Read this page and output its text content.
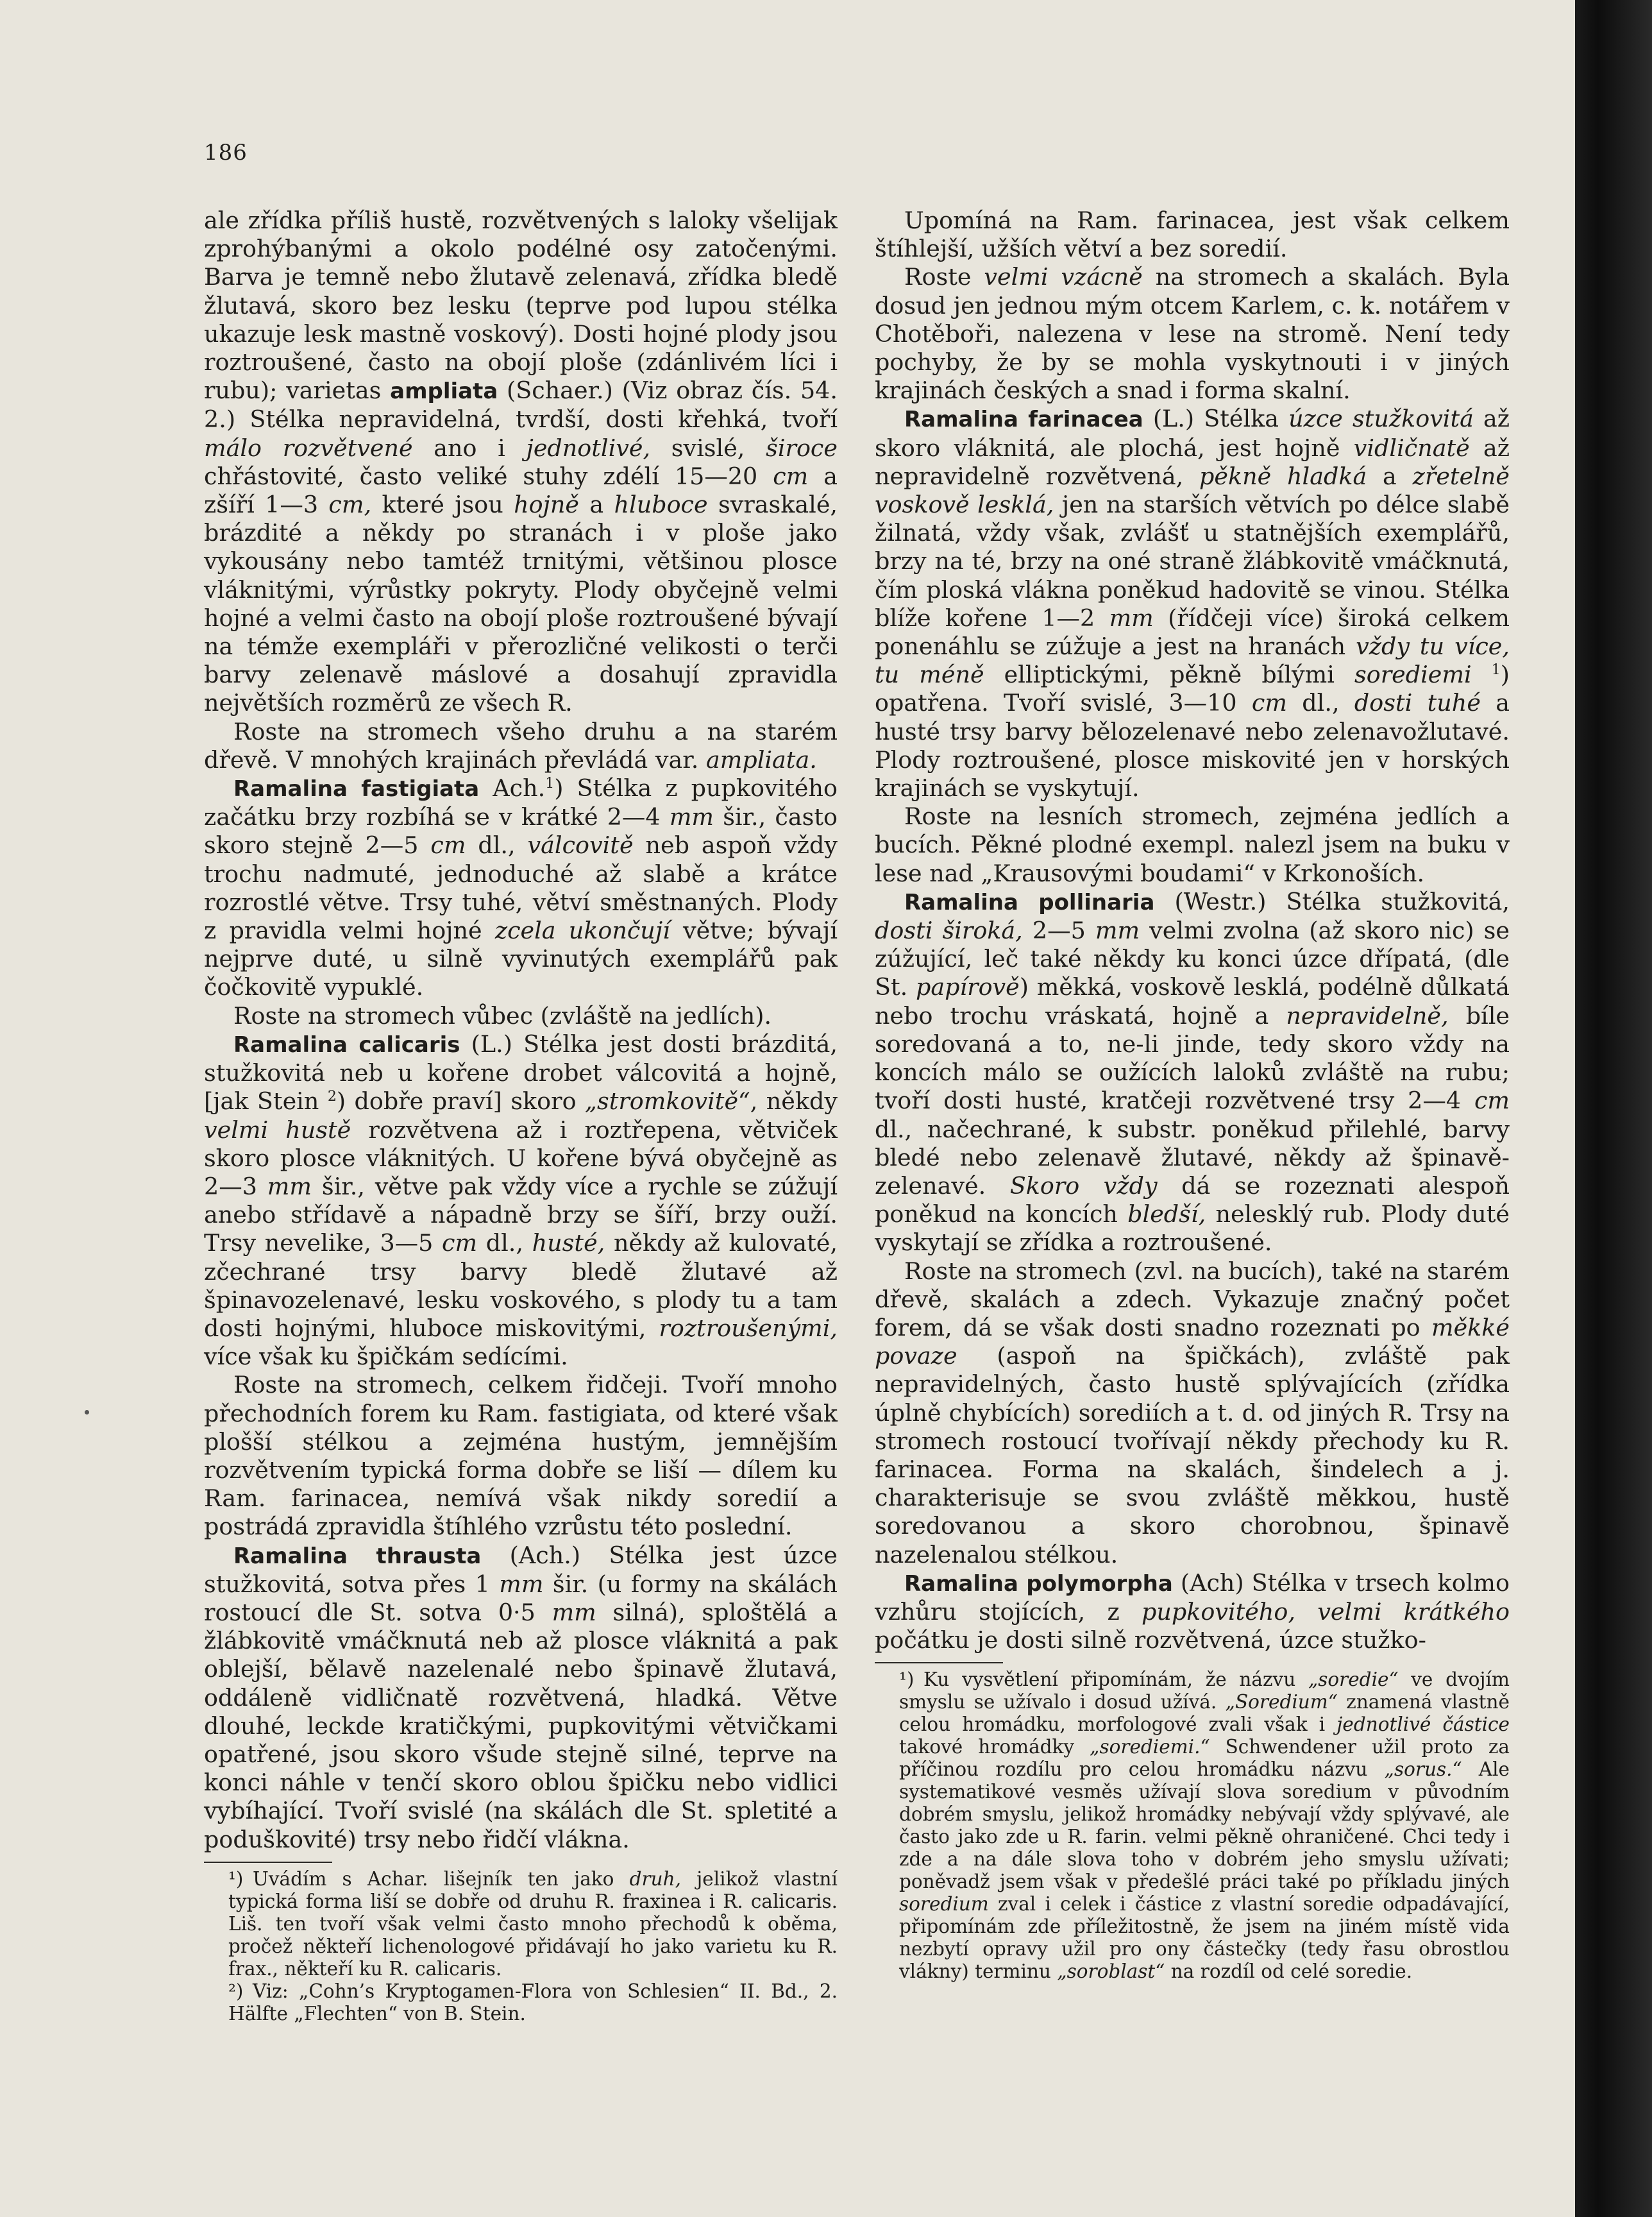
186

ale zřídka příliš hustě, rozvětvených s laloky všelijak zprohýbanými a okolo podélné osy zatočenými. Barva je temně nebo žlutavě zelenavá, zřídka bledě žlutavá, skoro bez lesku (teprve pod lupou stélka ukazuje lesk mastně voskový). Dosti hojné plody jsou roztroušené, často na obojí ploše (zdánlivém líci i rubu); varietas ampliata (Schaer.) (Viz obraz čís. 54. 2.) Stélka nepravidelná, tvrdší, dosti křehká, tvoří málo rozvětvené ano i jednotlivé, svislé, široce chřástovité, často veliké stuhy zdélí 15—20 cm a zšíří 1—3 cm, které jsou hojně a hluboce svraskalé, brázdité a někdy po stranách i v ploše jako vykousány nebo tamtéž trnitými, většinou plosce vláknitými, výrůstky pokryty. Plody obyčejně velmi hojné a velmi často na obojí ploše roztroušené bývají na témže exempláři v přerozličné velikosti o terči barvy zelenavě máslové a dosahují zpravidla největších rozměrů ze všech R.

Roste na stromech všeho druhu a na starém dřevě. V mnohých krajinách převládá var. ampliata.

Ramalina fastigiata Ach.$^1$) Stélka z pupkovitého začátku brzy rozbíhá se v krátké 2—4 mm šir., často skoro stejně 2—5 cm dl., válcovitě neb aspoň vždy trochu nadmuté, jednoduché až slabě a krátce rozrostlé větve. Trsy tuhé, větví směstnaných. Plody z pravidla velmi hojné zcela ukončují větve; bývají nejprve duté, u silně vyvinutých exemplářů pak čočkovitě vypuklé.

Roste na stromech vůbec (zvláště na jedlích).

Ramalina calicaris (L.) Stélka jest dosti brázditá, stužkovitá neb u kořene drobet válcovitá a hojně, [jak Stein $^2$) dobře praví] skoro „stromkovitě“, někdy velmi hustě rozvětvena až i roztřepena, větviček skoro plosce vláknitých. U kořene bývá obyčejně as 2—3 mm šir., větve pak vždy více a rychle se zúžují anebo střídavě a nápadně brzy se šíří, brzy ouží. Trsy nevelike, 3—5 cm dl., husté, někdy až kulovaté, zčechrané trsy barvy bledě žlutavé až špinavozelenavé, lesku voskového, s plody tu a tam dosti hojnými, hluboce miskovitými, roztroušenými, více však ku špičkám sedícími.

Roste na stromech, celkem řidčeji. Tvoří mnoho přechodních forem ku Ram. fastigiata, od které však plošší stélkou a zejména hustým, jemnějším rozvětvením typická forma dobře se liší — dílem ku Ram. farinacea, nemívá však nikdy soredií a postrádá zpravidla štíhlého vzrůstu této poslední.

Ramalina thrausta (Ach.) Stélka jest úzce stužkovitá, sotva přes 1 mm šir. (u formy na skálách rostoucí dle St. sotva 0·5 mm silná), sploštělá a žlábkovitě vmáčknutá neb až plosce vláknitá a pak oblejší, bělavě nazelenalé nebo špinavě žlutavá, oddáleně vidličnatě rozvětvená, hladká. Větve dlouhé, leckde kratičkými, pupkovitými větvičkami opatřené, jsou skoro všude stejně silné, teprve na konci náhle v tenčí skoro oblou špičku nebo vidlici vybíhající. Tvoří svislé (na skálách dle St. spletité a poduškovité) trsy nebo řidčí vlákna.

¹) Uvádím s Achar. lišejník ten jako druh, jelikož vlastní typická forma liší se dobře od druhu R. fraxinea i R. calicaris. Liš. ten tvoří však velmi často mnoho přechodů k oběma, pročež někteří lichenologové přidávají ho jako varietu ku R. frax., někteří ku R. calicaris.

²) Viz: „Cohn’s Kryptogamen-Flora von Schlesien“ II. Bd., 2. Hälfte „Flechten“ von B. Stein.

Upomíná na Ram. farinacea, jest však celkem štíhlejší, užších větví a bez soredií.

Roste velmi vzácně na stromech a skalách. Byla dosud jen jednou mým otcem Karlem, c. k. notářem v Chotěboři, nalezena v lese na stromě. Není tedy pochyby, že by se mohla vyskytnouti i v jiných krajinách českých a snad i forma skalní.

Ramalina farinacea (L.) Stélka úzce stužkovitá až skoro vláknitá, ale plochá, jest hojně vidličnatě až nepravidelně rozvětvená, pěkně hladká a zřetelně voskově lesklá, jen na starších větvích po délce slabě žilnatá, vždy však, zvlášť u statnějších exemplářů, brzy na té, brzy na oné straně žlábkovitě vmáčknutá, čím ploská vlákna poněkud hadovitě se vinou. Stélka blíže kořene 1—2 mm (řídčeji více) široká celkem ponenáhlu se zúžuje a jest na hranách vždy tu více, tu méně elliptickými, pěkně bílými sorediemi $^1$) opatřena. Tvoří svislé, 3—10 cm dl., dosti tuhé a husté trsy barvy bělozelenavé nebo zelenavožlutavé. Plody roztroušené, plosce miskovité jen v horských krajinách se vyskytují.

Roste na lesních stromech, zejména jedlích a bucích. Pěkné plodné exempl. nalezl jsem na buku v lese nad „Krausovými boudami“ v Krkonoších.

Ramalina pollinaria (Westr.) Stélka stužkovitá, dosti široká, 2—5 mm velmi zvolna (až skoro nic) se zúžující, leč také někdy ku konci úzce dřípatá, (dle St. papírově) měkká, voskově lesklá, podélně důlkatá nebo trochu vráskatá, hojně a nepravidelně, bíle soredovaná a to, ne-li jinde, tedy skoro vždy na koncích málo se oužících laloků zvláště na rubu; tvoří dosti husté, kratčeji rozvětvené trsy 2—4 cm dl., načechrané, k substr. poněkud přilehlé, barvy bledé nebo zelenavě žlutavé, někdy až špinavě-zelenavé. Skoro vždy dá se rozeznati alespoň poněkud na koncích bledší, nelesklý rub. Plody duté vyskytají se zřídka a roztroušené.

Roste na stromech (zvl. na bucích), také na starém dřevě, skalách a zdech. Vykazuje značný počet forem, dá se však dosti snadno rozeznati po měkké povaze (aspoň na špičkách), zvláště pak nepravidelných, často hustě splývajících (zřídka úplně chybících) sorediích a t. d. od jiných R. Trsy na stromech rostoucí tvořívají někdy přechody ku R. farinacea. Forma na skalách, šindelech a j. charakterisuje se svou zvláště měkkou, hustě soredovanou a skoro chorobnou, špinavě nazelenalou stélkou.

Ramalina polymorpha (Ach) Stélka v trsech kolmo vzhůru stojících, z pupkovitého, velmi krátkého počátku je dosti silně rozvětvená, úzce stužko-

¹) Ku vysvětlení připomínám, že názvu „soredie“ ve dvojím smyslu se užívalo i dosud užívá. „Soredium“ znamená vlastně celou hromádku, morfologové zvali však i jednotlivé částice takové hromádky „sorediemi.“ Schwendener užil proto za příčinou rozdílu pro celou hromádku názvu „sorus.“ Ale systematikové vesměs užívají slova soredium v původním dobrém smyslu, jelikož hromádky nebývají vždy splývavé, ale často jako zde u R. farin. velmi pěkně ohraničené. Chci tedy i zde a na dále slova toho v dobrém jeho smyslu užívati; poněvadž jsem však v předešlé práci také po příkladu jiných soredium zval i celek i částice z vlastní soredie odpadávající, připomínám zde příležitostně, že jsem na jiném místě vida nezbytí opravy užil pro ony částečky (tedy řasu obrostlou vlákny) terminu „soroblast“ na rozdíl od celé soredie.
